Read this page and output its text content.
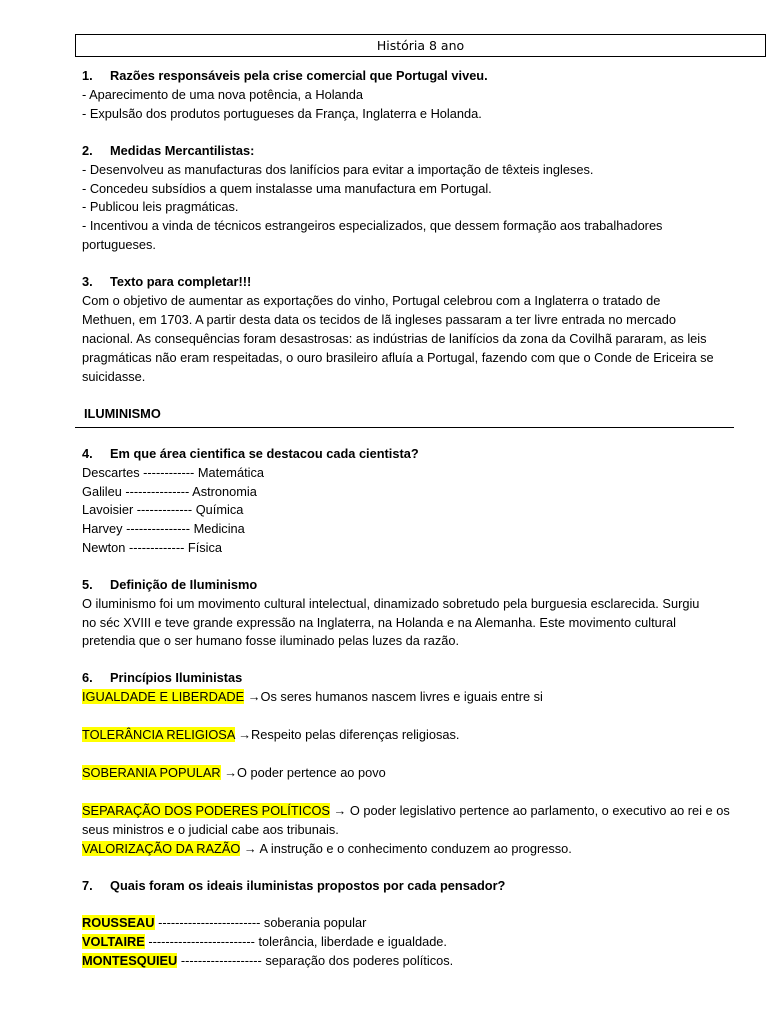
História 8 ano
1. Razões responsáveis pela crise comercial que Portugal viveu.
- Aparecimento de uma nova potência, a Holanda
- Expulsão dos produtos portugueses da França, Inglaterra e Holanda.
2. Medidas Mercantilistas:
- Desenvolveu as manufacturas dos lanifícios para evitar a importação de têxteis ingleses.
- Concedeu subsídios a quem instalasse uma manufactura em Portugal.
- Publicou leis pragmáticas.
- Incentivou a vinda de técnicos estrangeiros especializados, que dessem formação aos trabalhadores
portugueses.
3. Texto para completar!!!
Com o objetivo de aumentar as exportações do vinho, Portugal celebrou com a Inglaterra o tratado de
Methuen, em 1703. A partir desta data os tecidos de lã ingleses passaram a ter livre entrada no mercado
nacional. As consequências foram desastrosas: as indústrias de lanifícios da zona da Covilhã pararam, as leis
pragmáticas não eram respeitadas, o ouro brasileiro afluía a Portugal, fazendo com que o Conde de Ericeira se
suicidasse.
ILUMINISMO
4. Em que área cientifica se destacou cada cientista?
Descartes ------------ Matemática
Galileu --------------- Astronomia
Lavoisier ------------- Química
Harvey --------------- Medicina
Newton ------------- Física
5. Definição de Iluminismo
O iluminismo foi um movimento cultural intelectual, dinamizado sobretudo pela burguesia esclarecida. Surgiu
no séc XVIII e teve grande expressão na Inglaterra, na Holanda e na Alemanha. Este movimento cultural
pretendia que o ser humano fosse iluminado pelas luzes da razão.
6. Princípios Iluministas
IGUALDADE E LIBERDADE →Os seres humanos nascem livres e iguais entre si
TOLERÂNCIA RELIGIOSA →Respeito pelas diferenças religiosas.
SOBERANIA POPULAR →O poder pertence ao povo
SEPARAÇÃO DOS PODERES POLÍTICOS → O poder legislativo pertence ao parlamento, o executivo ao rei e os
seus ministros e o judicial cabe aos tribunais.
VALORIZAÇÃO DA RAZÃO → A instrução e o conhecimento conduzem ao progresso.
7. Quais foram os ideais iluministas propostos por cada pensador?
ROUSSEAU ------------------------ soberania popular
VOLTAIRE ------------------------- tolerância, liberdade e igualdade.
MONTESQUIEU ------------------- separação dos poderes políticos.
